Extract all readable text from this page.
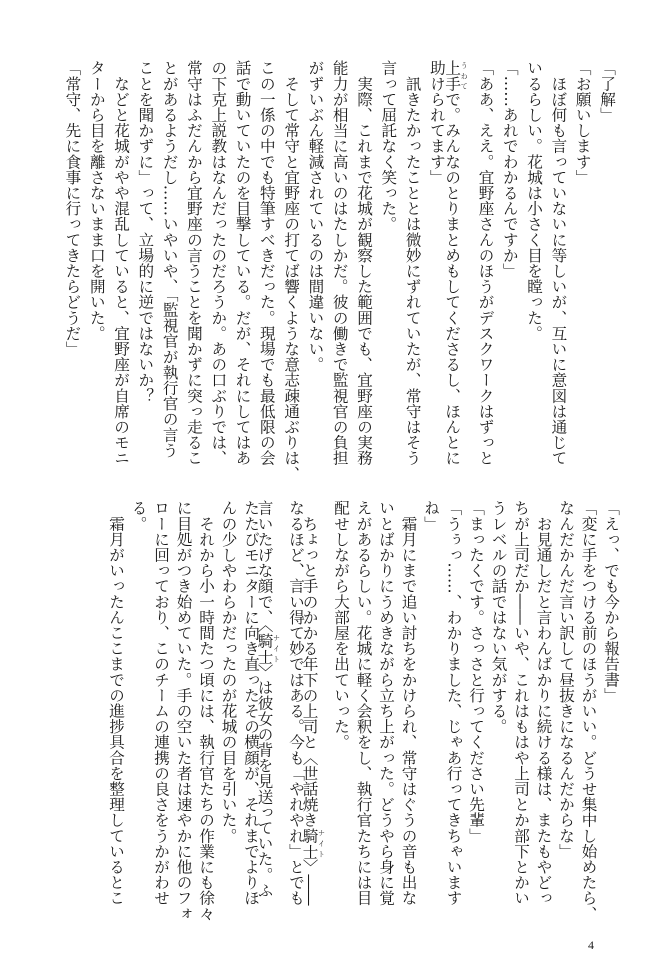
「了解」
「お願いします」
　ほぼ何も言っていないに等しいが、互いに意図は通じて
いるらしい。花城は小さく目を瞠った。
「……あれでわかるんですか」
「ああ、ええ。宜野座さんのほうがデスクワークはずっと
上手 うわてで。みんなのとりまとめもしてくださるし、ほんとに
助けられてます」
　訊きたかったこととは微妙にずれていたが、常守はそう
言って屈託なく笑った。
　実際、これまで花城が観察した範囲でも、宜野座の実務
能力が相当に高いのはたしかだ。彼の働きで監視官の負担
がずいぶん軽減されているのは間違いない。
　そして常守と宜野座の打てば響くような意志疎通ぶりは、
この一係の中でも特筆すべきだった。現場でも最低限の会
話で動いていたのを目撃している。だが、それにしてはあ
の下克上説教はなんだったのだろうか。あの口ぶりでは、
常守はふだんから宜野座の言うことを聞かずに突っ走るこ
とがあるようだし……いやいや、「監視官が執行官の言う
ことを聞かずに」って、立場的に逆ではないか？
　などと花城がやや混乱していると、宜野座が自席のモニ
ターから目を離さないまま口を開いた。
「常守、先に食事に行ってきたらどうだ」
「えっ、でも今から報告書」
「変に手をつける前のほうがいい。どうせ集中し始めたら、
なんだかんだ言い訳して昼抜きになるんだからな」
　お見通しだと言わんばかりに続ける様は、またもやどっ
ちが上司だか――いや、これはもはや上司とか部下とかい
うレベルの話ではない気がする。
「まったくです。さっさと行ってください先輩」
「うぅっ……、わかりました、じゃあ行ってきちゃいます
ね」
　霜月にまで追い討ちをかけられ、常守はぐうの音も出な
いとばかりにうめきながら立ち上がった。どうやら身に覚
えがあるらしい。花城に軽く会釈をし、執行官たちには目
配せしながら大部屋を出ていった。
　ちょっと手のかかる年下の上司と〈世話焼き騎士 ナイト〉――
なるほど、言い得て妙ではある。今も「やれやれ」とでも
言いたげな顔で、〈騎士 ナイト〉は彼女の背を見送っていた。ふ
たたびモニターに向き直ったその横顔が、それまでよりほ
んの少しやわらかだったのが花城の目を引いた。
　それから小一時間たつ頃には、執行官たちの作業にも徐々
に目処がつき始めていた。手の空いた者は速やかに他のフォ
ローに回っており、このチームの連携の良さをうかがわせ
る。
　霜月がいったんここまでの進捗具合を整理しているとこ
4
